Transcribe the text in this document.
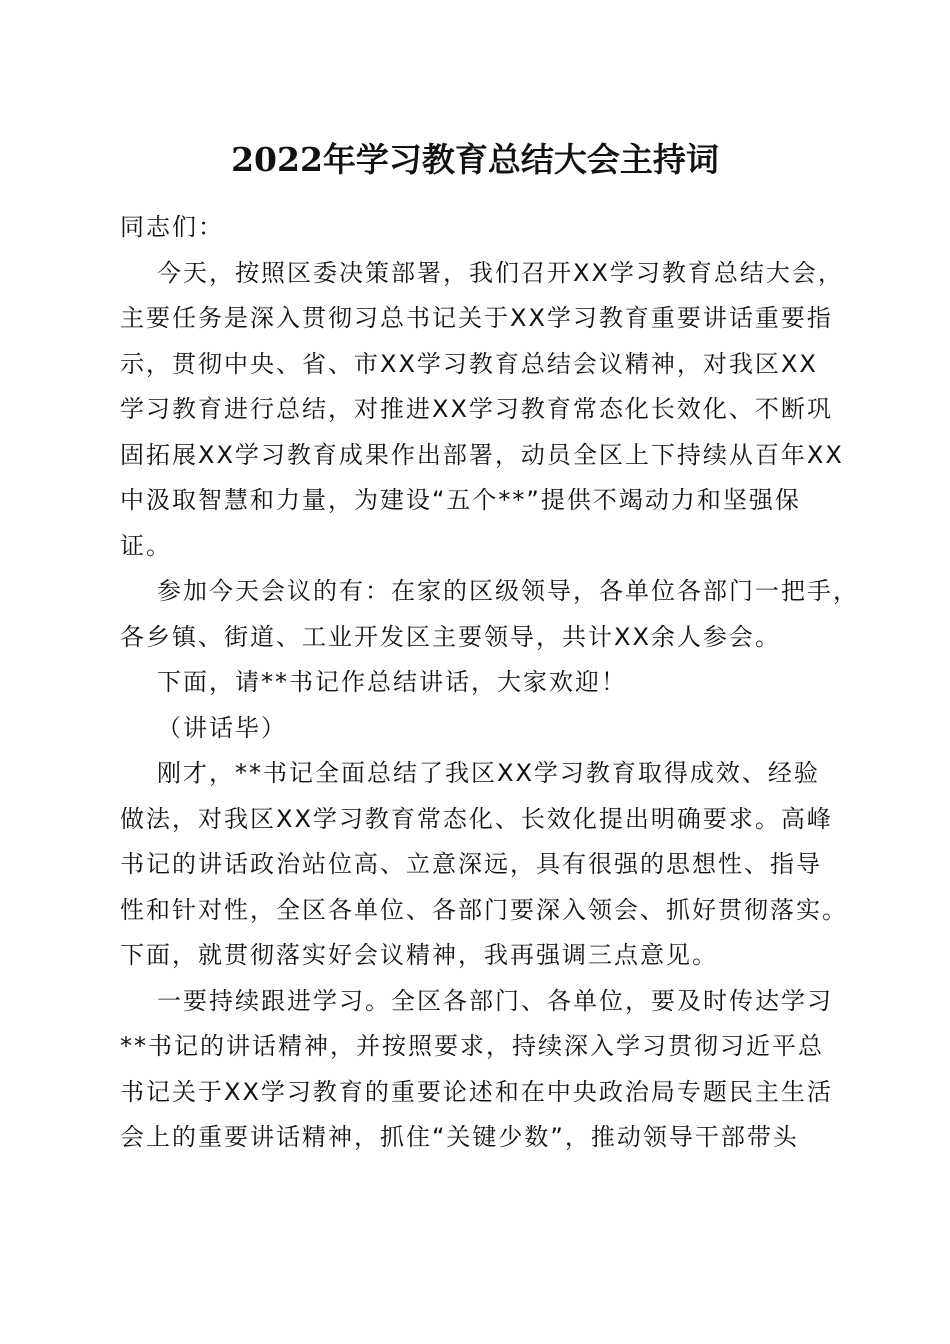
2022年学习教育总结大会主持词
同志们：
今天，按照区委决策部署，我们召开XX学习教育总结大会，
主要任务是深入贯彻习总书记关于XX学习教育重要讲话重要指
示，贯彻中央、省、市XX学习教育总结会议精神，对我区XX
学习教育进行总结，对推进XX学习教育常态化长效化、不断巩
固拓展XX学习教育成果作出部署，动员全区上下持续从百年XX
中汲取智慧和力量，为建设“五个**”提供不竭动力和坚强保
证。
参加今天会议的有：在家的区级领导，各单位各部门一把手，
各乡镇、街道、工业开发区主要领导，共计XX余人参会。
下面，请**书记作总结讲话，大家欢迎！
（讲话毕）
刚才，**书记全面总结了我区XX学习教育取得成效、经验
做法，对我区XX学习教育常态化、长效化提出明确要求。高峰
书记的讲话政治站位高、立意深远，具有很强的思想性、指导
性和针对性，全区各单位、各部门要深入领会、抓好贯彻落实。
下面，就贯彻落实好会议精神，我再强调三点意见。
一要持续跟进学习。全区各部门、各单位，要及时传达学习
**书记的讲话精神，并按照要求，持续深入学习贯彻习近平总
书记关于XX学习教育的重要论述和在中央政治局专题民主生活
会上的重要讲话精神，抓住“关键少数”，推动领导干部带头
